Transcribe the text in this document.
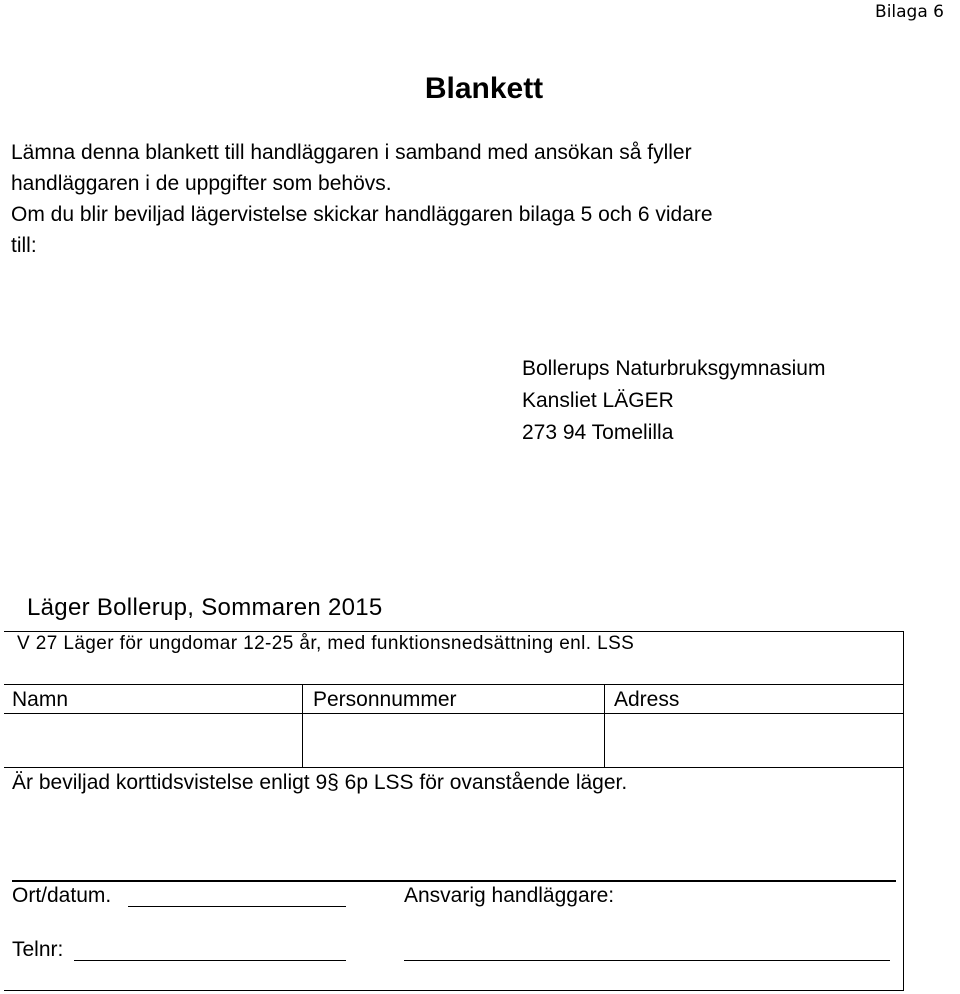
Bilaga 6
Blankett
Lämna denna blankett till handläggaren i samband med ansökan så fyller
handläggaren i de uppgifter som behövs.
Om du blir beviljad lägervistelse skickar handläggaren bilaga 5 och 6 vidare
till:
Bollerups Naturbruksgymnasium
Kansliet LÄGER
273 94 Tomelilla
Läger Bollerup, Sommaren 2015
V 27 Läger för ungdomar 12-25 år, med funktionsnedsättning enl. LSS
Namn	Personnummer	Adress
Är beviljad korttidsvistelse enligt 9§ 6p LSS för ovanstående läger.
Ort/datum.	Ansvarig handläggare:
Telnr:
